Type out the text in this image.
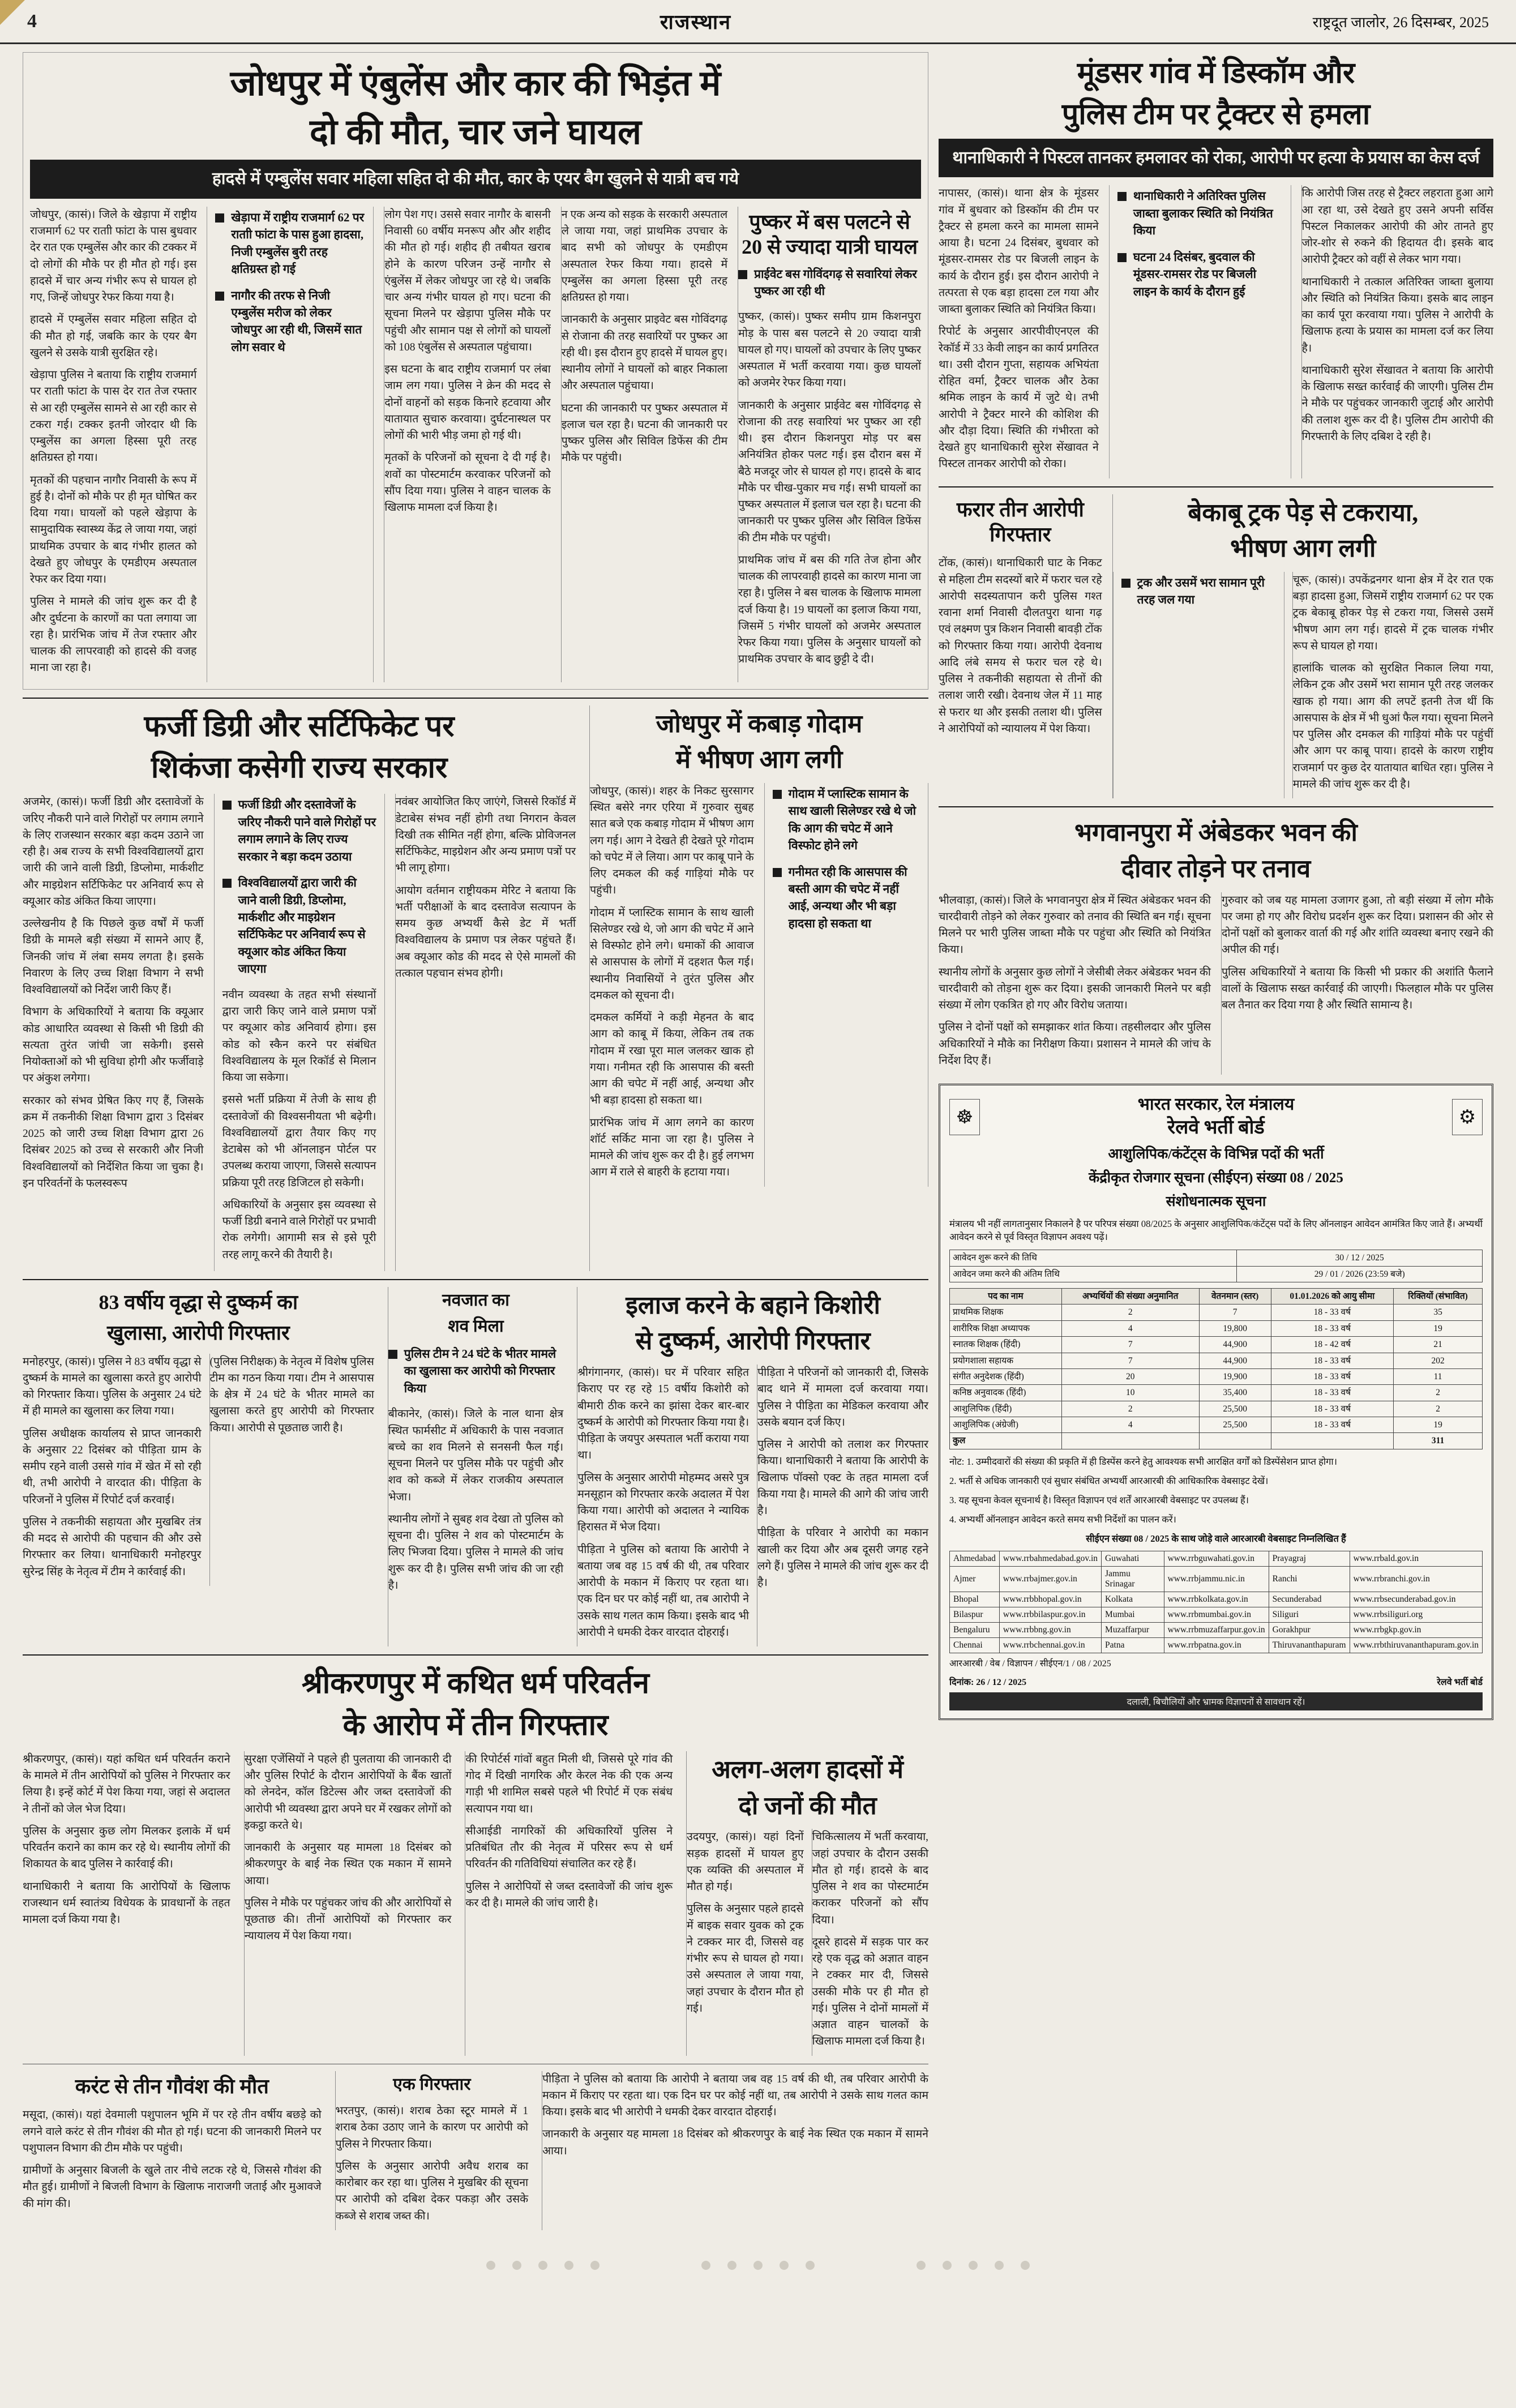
4	राजस्थान	राष्ट्रदूत जालोर, 26 दिसम्बर, 2025
जोधपुर में एंबुलेंस और कार की भिड़ंत में
दो की मौत, चार जने घायल
हादसे में एम्बुलेंस सवार महिला सहित दो की मौत, कार के एयर बैग खुलने से यात्री बच गये

जोधपुर, (कासं)। जिले के खेड़ापा में राष्ट्रीय राजमार्ग 62 पर राताी फांटा के पास बुधवार देर रात एक एम्बुलेंस और कार की टक्कर में दो लोगों की मौके पर ही मौत हो गई। इस हादसे में चार अन्य गंभीर रूप से घायल हो गए, जिन्हें जोधपुर रेफर किया गया है।

हादसे में एम्बुलेंस सवार महिला सहित दो की मौत हो गई, जबकि कार के एयर बैग खुलने से उसके यात्री सुरक्षित रहे।

खेड़ापा पुलिस ने बताया कि राष्ट्रीय राजमार्ग पर राताी फांटा के पास देर रात तेज रफ्तार से आ रही एम्बुलेंस सामने से आ रही कार से टकरा गई। टक्कर इतनी जोरदार थी कि एम्बुलेंस का अगला हिस्सा पूरी तरह क्षतिग्रस्त हो गया।

मृतकों की पहचान नागौर निवासी के रूप में हुई है। दोनों को मौके पर ही मृत घोषित कर दिया गया। घायलों को पहले खेड़ापा के सामुदायिक स्वास्थ्य केंद्र ले जाया गया, जहां प्राथमिक उपचार के बाद गंभीर हालत को देखते हुए जोधपुर के एमडीएम अस्पताल रेफर कर दिया गया।

पुलिस ने मामले की जांच शुरू कर दी है और दुर्घटना के कारणों का पता लगाया जा रहा है। प्रारंभिक जांच में तेज रफ्तार और चालक की लापरवाही को हादसे की वजह माना जा रहा है।

खेड़ापा में राष्ट्रीय राजमार्ग 62 पर राताी फांटा के पास हुआ हादसा, निजी एम्बुलेंस बुरी तरह क्षतिग्रस्त हो गई
नागौर की तरफ से निजी एम्बुलेंस मरीज को लेकर जोधपुर आ रही थी, जिसमें सात लोग सवार थे

लोग पेश गए। उससे सवार नागौर के बासनी निवासी 60 वर्षीय मनरूप और और शहीद की मौत हो गई। शहीद ही तबीयत खराब होने के कारण परिजन उन्हें नागौर से एंबुलेंस में लेकर जोधपुर जा रहे थे। जबकि चार अन्य गंभीर घायल हो गए। घटना की सूचना मिलने पर खेड़ापा पुलिस मौके पर पहुंची और सामान पक्ष से लोगों को घायलों को 108 एंबुलेंस से अस्पताल पहुंचाया।

इस घटना के बाद राष्ट्रीय राजमार्ग पर लंबा जाम लग गया। पुलिस ने क्रेन की मदद से दोनों वाहनों को सड़क किनारे हटवाया और यातायात सुचारु करवाया। दुर्घटनास्थल पर लोगों की भारी भीड़ जमा हो गई थी।

मृतकों के परिजनों को सूचना दे दी गई है। शवों का पोस्टमार्टम करवाकर परिजनों को सौंप दिया गया। पुलिस ने वाहन चालक के खिलाफ मामला दर्ज किया है।

न एक अन्य को सड़क के सरकारी अस्पताल ले जाया गया, जहां प्राथमिक उपचार के बाद सभी को जोधपुर के एमडीएम अस्पताल रेफर किया गया। हादसे में एम्बुलेंस का अगला हिस्सा पूरी तरह क्षतिग्रस्त हो गया।

जानकारी के अनुसार प्राइवेट बस गोविंदगढ़ से रोजाना की तरह सवारियों पर पुष्कर आ रही थी। इस दौरान हुए हादसे में घायल हुए। स्थानीय लोगों ने घायलों को बाहर निकाला और अस्पताल पहुंचाया।

घटना की जानकारी पर पुष्कर अस्पताल में इलाज चल रहा है। घटना की जानकारी पर पुष्कर पुलिस और सिविल डिफेंस की टीम मौके पर पहुंची।

पुष्कर में बस पलटने से 20 से ज्यादा यात्री घायल
प्राईवेट बस गोविंदगढ़ से सवारियां लेकर पुष्कर आ रही थी

पुष्कर, (कासं)। पुष्कर समीप ग्राम किशनपुरा मोड़ के पास बस पलटने से 20 ज्यादा यात्री घायल हो गए। घायलों को उपचार के लिए पुष्कर अस्पताल में भर्ती करवाया गया। कुछ घायलों को अजमेर रेफर किया गया।

जानकारी के अनुसार प्राईवेट बस गोविंदगढ़ से रोजाना की तरह सवारियां भर पुष्कर आ रही थी। इस दौरान किशनपुरा मोड़ पर बस अनियंत्रित होकर पलट गई। इस दौरान बस में बैठे मजदूर जोर से घायल हो गए। हादसे के बाद मौके पर चीख-पुकार मच गई। सभी घायलों का पुष्कर अस्पताल में इलाज चल रहा है। घटना की जानकारी पर पुष्कर पुलिस और सिविल डिफेंस की टीम मौके पर पहुंची।

प्राथमिक जांच में बस की गति तेज होना और चालक की लापरवाही हादसे का कारण माना जा रहा है। पुलिस ने बस चालक के खिलाफ मामला दर्ज किया है। 19 घायलों का इलाज किया गया, जिसमें 5 गंभीर घायलों को अजमेर अस्पताल रेफर किया गया। पुलिस के अनुसार घायलों को प्राथमिक उपचार के बाद छुट्टी दे दी।

फर्जी डिग्री और सर्टिफिकेट पर
शिकंजा कसेगी राज्य सरकार

अजमेर, (कासं)। फर्जी डिग्री और दस्तावेजों के जरिए नौकरी पाने वाले गिरोहों पर लगाम लगाने के लिए राजस्थान सरकार बड़ा कदम उठाने जा रही है। अब राज्य के सभी विश्वविद्यालयों द्वारा जारी की जाने वाली डिग्री, डिप्लोमा, मार्कशीट और माइग्रेशन सर्टिफिकेट पर अनिवार्य रूप से क्यूआर कोड अंकित किया जाएगा।

उल्लेखनीय है कि पिछले कुछ वर्षों में फर्जी डिग्री के मामले बड़ी संख्या में सामने आए हैं, जिनकी जांच में लंबा समय लगता है। इसके निवारण के लिए उच्च शिक्षा विभाग ने सभी विश्वविद्यालयों को निर्देश जारी किए हैं।

विभाग के अधिकारियों ने बताया कि क्यूआर कोड आधारित व्यवस्था से किसी भी डिग्री की सत्यता तुरंत जांची जा सकेगी। इससे नियोक्ताओं को भी सुविधा होगी और फर्जीवाड़े पर अंकुश लगेगा।

सरकार को संभव प्रेषित किए गए हैं, जिसके क्रम में तकनीकी शिक्षा विभाग द्वारा 3 दिसंबर 2025 को जारी उच्च शिक्षा विभाग द्वारा 26 दिसंबर 2025 को उच्च से सरकारी और निजी विश्वविद्यालयों को निर्देशित किया जा चुका है। इन परिवर्तनों के फलस्वरूप

फर्जी डिग्री और दस्तावेजों के जरिए नौकरी पाने वाले गिरोहों पर लगाम लगाने के लिए राज्य सरकार ने बड़ा कदम उठाया
विश्वविद्यालयों द्वारा जारी की जाने वाली डिग्री, डिप्लोमा, मार्कशीट और माइग्रेशन सर्टिफिकेट पर अनिवार्य रूप से क्यूआर कोड अंकित किया जाएगा

नवीन व्यवस्था के तहत सभी संस्थानों द्वारा जारी किए जाने वाले प्रमाण पत्रों पर क्यूआर कोड अनिवार्य होगा। इस कोड को स्कैन करने पर संबंधित विश्वविद्यालय के मूल रिकॉर्ड से मिलान किया जा सकेगा।

इससे भर्ती प्रक्रिया में तेजी के साथ ही दस्तावेजों की विश्वसनीयता भी बढ़ेगी। विश्वविद्यालयों द्वारा तैयार किए गए डेटाबेस को भी ऑनलाइन पोर्टल पर उपलब्ध कराया जाएगा, जिससे सत्यापन प्रक्रिया पूरी तरह डिजिटल हो सकेगी।

अधिकारियों के अनुसार इस व्यवस्था से फर्जी डिग्री बनाने वाले गिरोहों पर प्रभावी रोक लगेगी। आगामी सत्र से इसे पूरी तरह लागू करने की तैयारी है।

नवंबर आयोजित किए जाएंगे, जिससे रिकॉर्ड में डेटाबेस संभव नहीं होगी तथा निगरान केवल दिखी तक सीमित नहीं होगा, बल्कि प्रोविजनल सर्टिफिकेट, माइग्रेशन और अन्य प्रमाण पत्रों पर भी लागू होगा।

आयोग वर्तमान राष्ट्रीयकम मेरिट ने बताया कि भर्ती परीक्षाओं के बाद दस्तावेज सत्यापन के समय कुछ अभ्यर्थी कैसे डेट में भर्ती विश्वविद्यालय के प्रमाण पत्र लेकर पहुंचते हैं। अब क्यूआर कोड की मदद से ऐसे मामलों की तत्काल पहचान संभव होगी।

जोधपुर में कबाड़ गोदाम
में भीषण आग लगी

जोधपुर, (कासं)। शहर के निकट सुरसागर स्थित बसेरे नगर एरिया में गुरुवार सुबह सात बजे एक कबाड़ गोदाम में भीषण आग लग गई। आग ने देखते ही देखते पूरे गोदाम को चपेट में ले लिया। आग पर काबू पाने के लिए दमकल की कई गाड़ियां मौके पर पहुंची।

गोदाम में प्लास्टिक सामान के साथ खाली सिलेण्डर रखे थे, जो आग की चपेट में आने से विस्फोट होने लगे। धमाकों की आवाज से आसपास के लोगों में दहशत फैल गई। स्थानीय निवासियों ने तुरंत पुलिस और दमकल को सूचना दी।

दमकल कर्मियों ने कड़ी मेहनत के बाद आग को काबू में किया, लेकिन तब तक गोदाम में रखा पूरा माल जलकर खाक हो गया। गनीमत रही कि आसपास की बस्ती आग की चपेट में नहीं आई, अन्यथा और भी बड़ा हादसा हो सकता था।

प्रारंभिक जांच में आग लगने का कारण शॉर्ट सर्किट माना जा रहा है। पुलिस ने मामले की जांच शुरू कर दी है। हुई लगभग आग में राले से बाहरी के हटाया गया।

गोदाम में प्लास्टिक सामान के साथ खाली सिलेण्डर रखे थे जो कि आग की चपेट में आने विस्फोट होने लगे
गनीमत रही कि आसपास की बस्ती आग की चपेट में नहीं आई, अन्यथा और भी बड़ा हादसा हो सकता था
83 वर्षीय वृद्धा से दुष्कर्म का
खुलासा, आरोपी गिरफ्तार

मनोहरपुर, (कासं)। पुलिस ने 83 वर्षीय वृद्धा से दुष्कर्म के मामले का खुलासा करते हुए आरोपी को गिरफ्तार किया। पुलिस के अनुसार 24 घंटे में ही मामले का खुलासा कर लिया गया।

पुलिस अधीक्षक कार्यालय से प्राप्त जानकारी के अनुसार 22 दिसंबर को पीड़िता ग्राम के समीप रहने वाली उससे गांव में खेत में सो रही थी, तभी आरोपी ने वारदात की। पीड़िता के परिजनों ने पुलिस में रिपोर्ट दर्ज करवाई।

पुलिस ने तकनीकी सहायता और मुखबिर तंत्र की मदद से आरोपी की पहचान की और उसे गिरफ्तार कर लिया। थानाधिकारी मनोहरपुर सुरेन्द्र सिंह के नेतृत्व में टीम ने कार्रवाई की।

(पुलिस निरीक्षक) के नेतृत्व में विशेष पुलिस टीम का गठन किया गया। टीम ने आसपास के क्षेत्र में 24 घंटे के भीतर मामले का खुलासा करते हुए आरोपी को गिरफ्तार किया। आरोपी से पूछताछ जारी है।

नवजात का
शव मिला
पुलिस टीम ने 24 घंटे के भीतर मामले का खुलासा कर आरोपी को गिरफ्तार किया

बीकानेर, (कासं)। जिले के नाल थाना क्षेत्र स्थित फार्मसीट में अधिकारी के पास नवजात बच्चे का शव मिलने से सनसनी फैल गई। सूचना मिलने पर पुलिस मौके पर पहुंची और शव को कब्जे में लेकर राजकीय अस्पताल भेजा।

स्थानीय लोगों ने सुबह शव देखा तो पुलिस को सूचना दी। पुलिस ने शव को पोस्टमार्टम के लिए भिजवा दिया। पुलिस ने मामले की जांच शुरू कर दी है। पुलिस सभी जांच की जा रही है।

इलाज करने के बहाने किशोरी
से दुष्कर्म, आरोपी गिरफ्तार

श्रीगंगानगर, (कासं)। घर में परिवार सहित किराए पर रह रहे 15 वर्षीय किशोरी को बीमारी ठीक करने का झांसा देकर बार-बार दुष्कर्म के आरोपी को गिरफ्तार किया गया है। पीड़िता के जयपुर अस्पताल भर्ती कराया गया था।

पुलिस के अनुसार आरोपी मोहम्मद असरे पुत्र मनसूहान को गिरफ्तार करके अदालत में पेश किया गया। आरोपी को अदालत ने न्यायिक हिरासत में भेज दिया।

पीड़िता ने पुलिस को बताया कि आरोपी ने बताया जब वह 15 वर्ष की थी, तब परिवार आरोपी के मकान में किराए पर रहता था। एक दिन घर पर कोई नहीं था, तब आरोपी ने उसके साथ गलत काम किया। इसके बाद भी आरोपी ने धमकी देकर वारदात दोहराई।

पीड़िता ने परिजनों को जानकारी दी, जिसके बाद थाने में मामला दर्ज करवाया गया। पुलिस ने पीड़िता का मेडिकल करवाया और उसके बयान दर्ज किए।

पुलिस ने आरोपी को तलाश कर गिरफ्तार किया। थानाधिकारी ने बताया कि आरोपी के खिलाफ पॉक्सो एक्ट के तहत मामला दर्ज किया गया है। मामले की आगे की जांच जारी है।

पीड़िता के परिवार ने आरोपी का मकान खाली कर दिया और अब दूसरी जगह रहने लगे हैं। पुलिस ने मामले की जांच शुरू कर दी है।

श्रीकरणपुर में कथित धर्म परिवर्तन
के आरोप में तीन गिरफ्तार

श्रीकरणपुर, (कासं)। यहां कथित धर्म परिवर्तन कराने के मामले में तीन आरोपियों को पुलिस ने गिरफ्तार कर लिया है। इन्हें कोर्ट में पेश किया गया, जहां से अदालत ने तीनों को जेल भेज दिया।

पुलिस के अनुसार कुछ लोग मिलकर इलाके में धर्म परिवर्तन कराने का काम कर रहे थे। स्थानीय लोगों की शिकायत के बाद पुलिस ने कार्रवाई की।

थानाधिकारी ने बताया कि आरोपियों के खिलाफ राजस्थान धर्म स्वातंत्र्य विधेयक के प्रावधानों के तहत मामला दर्ज किया गया है।

सुरक्षा एजेंसियों ने पहले ही पुलताया की जानकारी दी और पुलिस रिपोर्ट के दौरान आरोपियों के बैंक खातों को लेनदेन, कॉल डिटेल्स और जब्त दस्तावेजों की आरोपी भी व्यवस्था द्वारा अपने घर में रखकर लोगों को इकट्ठा करते थे।

जानकारी के अनुसार यह मामला 18 दिसंबर को श्रीकरणपुर के बाई नेक स्थित एक मकान में सामने आया।

पुलिस ने मौके पर पहुंचकर जांच की और आरोपियों से पूछताछ की। तीनों आरोपियों को गिरफ्तार कर न्यायालय में पेश किया गया।

की रिपोर्टर्स गांवों बहुत मिली थी, जिससे पूरे गांव की गोद में दिखी नागरिक और केरल नेक की एक अन्य गाड़ी भी शामिल सबसे पहले भी रिपोर्ट में एक संबंध सत्यापन गया था।

सीआईडी नागरिकों की अधिकारियों पुलिस ने प्रतिबंधित तौर की नेतृत्व में परिसर रूप से धर्म परिवर्तन की गतिविधियां संचालित कर रहे हैं।

पुलिस ने आरोपियों से जब्त दस्तावेजों की जांच शुरू कर दी है। मामले की जांच जारी है।

अलग-अलग हादसों में
दो जनों की मौत

उदयपुर, (कासं)। यहां दिनों सड़क हादसों में घायल हुए एक व्यक्ति की अस्पताल में मौत हो गई।

पुलिस के अनुसार पहले हादसे में बाइक सवार युवक को ट्रक ने टक्कर मार दी, जिससे वह गंभीर रूप से घायल हो गया। उसे अस्पताल ले जाया गया, जहां उपचार के दौरान मौत हो गई।

चिकित्सालय में भर्ती करवाया, जहां उपचार के दौरान उसकी मौत हो गई। हादसे के बाद पुलिस ने शव का पोस्टमार्टम कराकर परिजनों को सौंप दिया।

दूसरे हादसे में सड़क पार कर रहे एक वृद्ध को अज्ञात वाहन ने टक्कर मार दी, जिससे उसकी मौके पर ही मौत हो गई। पुलिस ने दोनों मामलों में अज्ञात वाहन चालकों के खिलाफ मामला दर्ज किया है।

करंट से तीन गौवंश की मौत

मसूदा, (कासं)। यहां देवमाली पशुपालन भूमि में पर रहे तीन वर्षीय बछड़े को लगने वाले करंट से तीन गौवंश की मौत हो गई। घटना की जानकारी मिलने पर पशुपालन विभाग की टीम मौके पर पहुंची।

ग्रामीणों के अनुसार बिजली के खुले तार नीचे लटक रहे थे, जिससे गौवंश की मौत हुई। ग्रामीणों ने बिजली विभाग के खिलाफ नाराजगी जताई और मुआवजे की मांग की।

एक गिरफ्तार

भरतपुर, (कासं)। शराब ठेका स्टूर मामले में 1 शराब ठेका उठाए जाने के कारण पर आरोपी को पुलिस ने गिरफ्तार किया।

पुलिस के अनुसार आरोपी अवैध शराब का कारोबार कर रहा था। पुलिस ने मुखबिर की सूचना पर आरोपी को दबिश देकर पकड़ा और उसके कब्जे से शराब जब्त की।

पीड़िता ने पुलिस को बताया कि आरोपी ने बताया जब वह 15 वर्ष की थी, तब परिवार आरोपी के मकान में किराए पर रहता था। एक दिन घर पर कोई नहीं था, तब आरोपी ने उसके साथ गलत काम किया। इसके बाद भी आरोपी ने धमकी देकर वारदात दोहराई।

जानकारी के अनुसार यह मामला 18 दिसंबर को श्रीकरणपुर के बाई नेक स्थित एक मकान में सामने आया।

मूंडसर गांव में डिस्कॉम और
पुलिस टीम पर ट्रैक्टर से हमला
थानाधिकारी ने पिस्टल तानकर हमलावर को रोका, आरोपी पर हत्या के प्रयास का केस दर्ज

नापासर, (कासं)। थाना क्षेत्र के मूंडसर गांव में बुधवार को डिस्कॉम की टीम पर ट्रैक्टर से हमला करने का मामला सामने आया है। घटना 24 दिसंबर, बुधवार को मूंडसर-रामसर रोड पर बिजली लाइन के कार्य के दौरान हुई। इस दौरान आरोपी ने तत्परता से एक बड़ा हादसा टल गया और जाब्ता बुलाकर स्थिति को नियंत्रित किया।

रिपोर्ट के अनुसार आरपीवीएनएल की रेकॉर्ड में 33 केवी लाइन का कार्य प्रगतिरत था। उसी दौरान गुप्ता, सहायक अभियंता रोहित वर्मा, ट्रैक्टर चालक और ठेका श्रमिक लाइन के कार्य में जुटे थे। तभी आरोपी ने ट्रैक्टर मारने की कोशिश की और दौड़ा दिया। स्थिति की गंभीरता को देखते हुए थानाधिकारी सुरेश सेंखावत ने पिस्टल तानकर आरोपी को रोका।

थानाधिकारी ने अतिरिक्त पुलिस जाब्ता बुलाकर स्थिति को नियंत्रित किया
घटना 24 दिसंबर, बुदवाल की मूंडसर-रामसर रोड पर बिजली लाइन के कार्य के दौरान हुई

कि आरोपी जिस तरह से ट्रैक्टर लहराता हुआ आगे आ रहा था, उसे देखते हुए उसने अपनी सर्विस पिस्टल निकालकर आरोपी की ओर तानते हुए जोर-शोर से रुकने की हिदायत दी। इसके बाद आरोपी ट्रैक्टर को वहीं से लेकर भाग गया।

थानाधिकारी ने तत्काल अतिरिक्त जाब्ता बुलाया और स्थिति को नियंत्रित किया। इसके बाद लाइन का कार्य पूरा करवाया गया। पुलिस ने आरोपी के खिलाफ हत्या के प्रयास का मामला दर्ज कर लिया है।

थानाधिकारी सुरेश सेंखावत ने बताया कि आरोपी के खिलाफ सख्त कार्रवाई की जाएगी। पुलिस टीम ने मौके पर पहुंचकर जानकारी जुटाई और आरोपी की तलाश शुरू कर दी है। पुलिस टीम आरोपी की गिरफ्तारी के लिए दबिश दे रही है।

फरार तीन आरोपी गिरफ्तार

टोंक, (कासं)। थानाधिकारी घाट के निकट से महिला टीम सदस्यों बारे में फरार चल रहे आरोपी सदस्यतापान करी पुलिस गश्त रवाना शर्मा निवासी दौलतपुरा थाना गढ़ एवं लक्ष्मण पुत्र किशन निवासी बावड़ी टोंक को गिरफ्तार किया गया। आरोपी देवनाथ आदि लंबे समय से फरार चल रहे थे। पुलिस ने तकनीकी सहायता से तीनों की तलाश जारी रखी। देवनाथ जेल में 11 माह से फरार था और इसकी तलाश थी। पुलिस ने आरोपियों को न्यायालय में पेश किया।

बेकाबू ट्रक पेड़ से टकराया,
भीषण आग लगी
ट्रक और उसमें भरा सामान पूरी तरह जल गया

चूरू, (कासं)। उपकेंद्रनगर थाना क्षेत्र में देर रात एक बड़ा हादसा हुआ, जिसमें राष्ट्रीय राजमार्ग 62 पर एक ट्रक बेकाबू होकर पेड़ से टकरा गया, जिससे उसमें भीषण आग लग गई। हादसे में ट्रक चालक गंभीर रूप से घायल हो गया।

हालांकि चालक को सुरक्षित निकाल लिया गया, लेकिन ट्रक और उसमें भरा सामान पूरी तरह जलकर खाक हो गया। आग की लपटें इतनी तेज थीं कि आसपास के क्षेत्र में भी धुआं फैल गया। सूचना मिलने पर पुलिस और दमकल की गाड़ियां मौके पर पहुंचीं और आग पर काबू पाया। हादसे के कारण राष्ट्रीय राजमार्ग पर कुछ देर यातायात बाधित रहा। पुलिस ने मामले की जांच शुरू कर दी है।

भगवानपुरा में अंबेडकर भवन की
दीवार तोड़ने पर तनाव

भीलवाड़ा, (कासं)। जिले के भगवानपुरा क्षेत्र में स्थित अंबेडकर भवन की चारदीवारी तोड़ने को लेकर गुरुवार को तनाव की स्थिति बन गई। सूचना मिलने पर भारी पुलिस जाब्ता मौके पर पहुंचा और स्थिति को नियंत्रित किया।

स्थानीय लोगों के अनुसार कुछ लोगों ने जेसीबी लेकर अंबेडकर भवन की चारदीवारी को तोड़ना शुरू कर दिया। इसकी जानकारी मिलने पर बड़ी संख्या में लोग एकत्रित हो गए और विरोध जताया।

पुलिस ने दोनों पक्षों को समझाकर शांत किया। तहसीलदार और पुलिस अधिकारियों ने मौके का निरीक्षण किया। प्रशासन ने मामले की जांच के निर्देश दिए हैं।

गुरुवार को जब यह मामला उजागर हुआ, तो बड़ी संख्या में लोग मौके पर जमा हो गए और विरोध प्रदर्शन शुरू कर दिया। प्रशासन की ओर से दोनों पक्षों को बुलाकर वार्ता की गई और शांति व्यवस्था बनाए रखने की अपील की गई।

पुलिस अधिकारियों ने बताया कि किसी भी प्रकार की अशांति फैलाने वालों के खिलाफ सख्त कार्रवाई की जाएगी। फिलहाल मौके पर पुलिस बल तैनात कर दिया गया है और स्थिति सामान्य है।

☸
भारत सरकार, रेल मंत्रालय
रेलवे भर्ती बोर्ड	⚙
आशुलिपिक/कंटेंट्स के विभिन्न पदों की भर्ती
केंद्रीकृत रोजगार सूचना (सीईएन) संख्या 08 / 2025
संशोधनात्मक सूचना
मंत्रालय भी नहीं लागतानुसार निकालने है पर परिपत्र संख्या 08/2025 के अनुसार आशुलिपिक/कंटेंट्स पदों के लिए ऑनलाइन आवेदन आमंत्रित किए जाते हैं। अभ्यर्थी आवेदन करने से पूर्व विस्तृत विज्ञापन अवश्य पढ़ें।
आवेदन शुरू करने की तिथि	30 / 12 / 2025
आवेदन जमा करने की अंतिम तिथि	29 / 01 / 2026 (23:59 बजे)
पद का नाम	अभ्यर्थियों की संख्या अनुमानित	वेतनमान (स्तर)	01.01.2026 को आयु सीमा	रिक्तियों (संभावित)
प्राथमिक शिक्षक	2	7	18 - 33 वर्ष	35
शारीरिक शिक्षा अध्यापक	4	19,800	18 - 33 वर्ष	19
स्नातक शिक्षक (हिंदी)	7	44,900	18 - 42 वर्ष	21
प्रयोगशाला सहायक	7	44,900	18 - 33 वर्ष	202
संगीत अनुदेशक (हिंदी)	20	19,900	18 - 33 वर्ष	11
कनिष्ठ अनुवादक (हिंदी)	10	35,400	18 - 33 वर्ष	2
आशुलिपिक (हिंदी)	2	25,500	18 - 33 वर्ष	2
आशुलिपिक (अंग्रेजी)	4	25,500	18 - 33 वर्ष	19
कुल				311
नोट: 1. उम्मीदवारों की संख्या की प्रकृति में ही डिस्पेंस करने हेतु आवश्यक सभी आरक्षित वर्गों को डिस्पेंसेशन प्राप्त होगा।
2. भर्ती से अधिक जानकारी एवं सुधार संबंधित अभ्यर्थी आरआरबी की आधिकारिक वेबसाइट देखें।
3. यह सूचना केवल सूचनार्थ है। विस्तृत विज्ञापन एवं शर्तें आरआरबी वेबसाइट पर उपलब्ध हैं।
4. अभ्यर्थी ऑनलाइन आवेदन करते समय सभी निर्देशों का पालन करें।
सीईएन संख्या 08 / 2025 के साथ जोड़े वाले आरआरबी वेबसाइट निम्नलिखित हैं
Ahmedabad	www.rrbahmedabad.gov.in	Guwahati	www.rrbguwahati.gov.in	Prayagraj	www.rrbald.gov.in
Ajmer	www.rrbajmer.gov.in	Jammu Srinagar	www.rrbjammu.nic.in	Ranchi	www.rrbranchi.gov.in
Bhopal	www.rrbbhopal.gov.in	Kolkata	www.rrbkolkata.gov.in	Secunderabad	www.rrbsecunderabad.gov.in
Bilaspur	www.rrbbilaspur.gov.in	Mumbai	www.rrbmumbai.gov.in	Siliguri	www.rrbsiliguri.org
Bengaluru	www.rrbbng.gov.in	Muzaffarpur	www.rrbmuzaffarpur.gov.in	Gorakhpur	www.rrbgkp.gov.in
Chennai	www.rrbchennai.gov.in	Patna	www.rrbpatna.gov.in	Thiruvananthapuram	www.rrbthiruvananthapuram.gov.in
आरआरबी / वेब / विज्ञापन / सीईएन/1 / 08 / 2025
दिनांक: 26 / 12 / 2025	रेलवे भर्ती बोर्ड
दलाली, बिचौलियों और भ्रामक विज्ञापनों से सावधान रहें।
